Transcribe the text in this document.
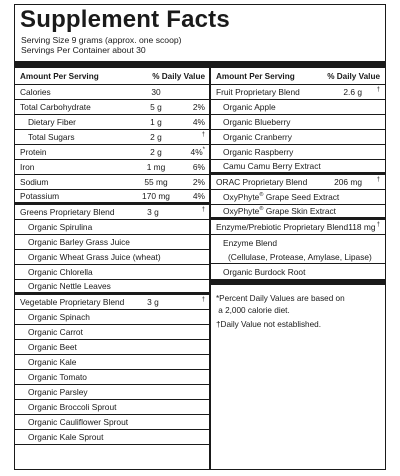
Supplement Facts
Serving Size 9 grams (approx. one scoop)
Servings Per Container about 30
Amount Per Serving	% Daily Value
Calories	30
Total Carbohydrate	5 g	2%
Dietary Fiber	1 g	4%
Total Sugars	2 g	†
Protein	2 g	4%*
Iron	1 mg	6%
Sodium	55 mg	2%
Potassium	170 mg	4%
Greens Proprietary Blend	3 g	†
Organic Spirulina
Organic Barley Grass Juice
Organic Wheat Grass Juice (wheat)
Organic Chlorella
Organic Nettle Leaves
Vegetable Proprietary Blend	3 g	†
Organic Spinach
Organic Carrot
Organic Beet
Organic Kale
Organic Tomato
Organic Parsley
Organic Broccoli Sprout
Organic Cauliflower Sprout
Organic Kale Sprout
Amount Per Serving	% Daily Value
Fruit Proprietary Blend	2.6 g	†
Organic Apple
Organic Blueberry
Organic Cranberry
Organic Raspberry
Camu Camu Berry Extract
ORAC Proprietary Blend	206 mg	†
OxyPhyte® Grape Seed Extract
OxyPhyte® Grape Skin Extract
Enzyme/Prebiotic Proprietary Blend 118 mg †
Enzyme Blend
(Cellulase, Protease, Amylase, Lipase)
Organic Burdock Root
*Percent Daily Values are based on
a 2,000 calorie diet.
†Daily Value not established.
